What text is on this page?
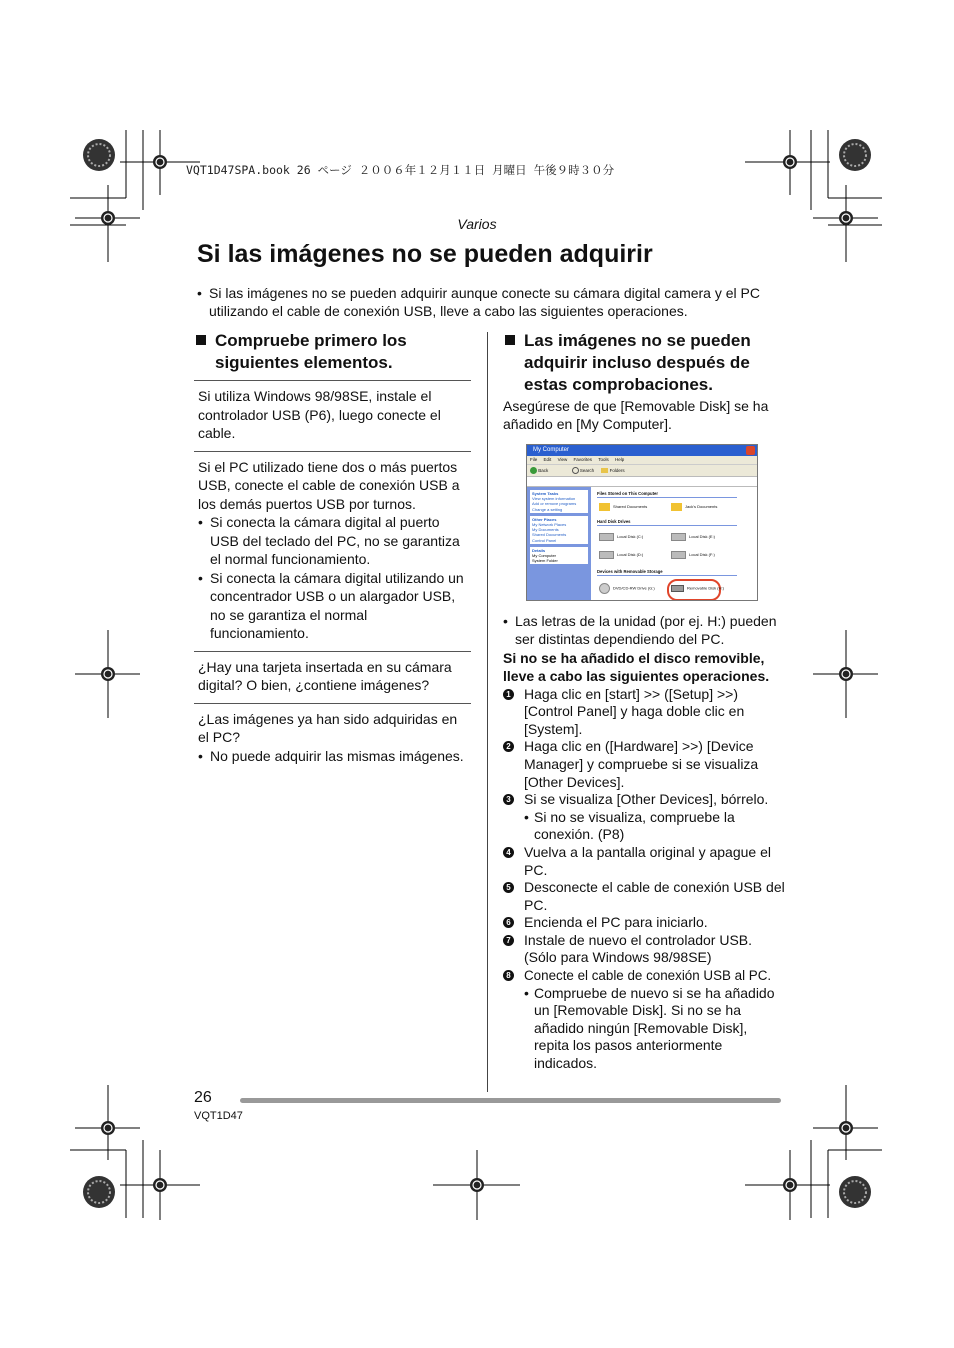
VQT1D47SPA.book 26 ページ ２００６年１２月１１日 月曜日 午後９時３０分
Varios
Si las imágenes no se pueden adquirir
• Si las imágenes no se pueden adquirir aunque conecte su cámara digital camera y el PC utilizando el cable de conexión USB, lleve a cabo las siguientes operaciones.
Compruebe primero los siguientes elementos.
Si utiliza Windows 98/98SE, instale el controlador USB (P6), luego conecte el cable.
Si el PC utilizado tiene dos o más puertos USB, conecte el cable de conexión USB a los demás puertos USB por turnos.
• Si conecta la cámara digital al puerto USB del teclado del PC, no se garantiza el normal funcionamiento.
• Si conecta la cámara digital utilizando un concentrador USB o un alargador USB, no se garantiza el normal funcionamiento.
¿Hay una tarjeta insertada en su cámara digital? O bien, ¿contiene imágenes?
¿Las imágenes ya han sido adquiridas en el PC?
• No puede adquirir las mismas imágenes.
Las imágenes no se pueden adquirir incluso después de estas comprobaciones.
Asegúrese de que [Removable Disk] se ha añadido en [My Computer].
• Las letras de la unidad (por ej. H:) pueden ser distintas dependiendo del PC.
Si no se ha añadido el disco removible, lleve a cabo las siguientes operaciones.
1 Haga clic en [start] >> ([Setup] >>) [Control Panel] y haga doble clic en [System].
2 Haga clic en ([Hardware] >>) [Device Manager] y compruebe si se visualiza [Other Devices].
3 Si se visualiza [Other Devices], bórrelo.
• Si no se visualiza, compruebe la conexión. (P8)
4 Vuelva a la pantalla original y apague el PC.
5 Desconecte el cable de conexión USB del PC.
6 Encienda el PC para iniciarlo.
7 Instale de nuevo el controlador USB. (Sólo para Windows 98/98SE)
8 Conecte el cable de conexión USB al PC.
• Compruebe de nuevo si se ha añadido un [Removable Disk]. Si no se ha añadido ningún [Removable Disk], repita los pasos anteriormente indicados.
My Computer
File Edit View Favorites Tools Help
Back	Search	Folders
System Tasks
View system information
Add or remove programs
Change a setting
Other Places
My Network Places
My Documents
Shared Documents
Control Panel
Details
My Computer
System Folder
Files Stored on This Computer
Shared Documents	Jack's Documents
Hard Disk Drives
Local Disk (C:)	Local Disk (E:)
Local Disk (D:)	Local Disk (F:)
Devices with Removable Storage
DVD/CD-RW Drive (G:)	Removable Disk (H:)
26
VQT1D47
